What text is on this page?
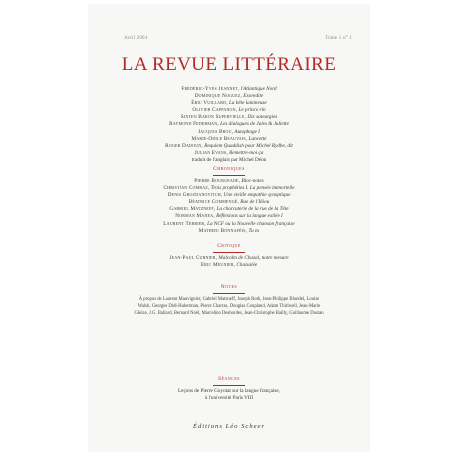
Avril 2004	Tome 1 n° 1
LA REVUE LITTÉRAIRE
Frédéric-Yves Jeannet, l'Atlantique Nord
Dominique Noguez, Exoredite
Éric Vuillard, La bête lamineuse
Olivier Cappanon, Le prince rin
Sixten Baron Supervielle, Dix suteurgies
Raymond Federman, Les dialogues de Jules & Juliette
Jacques Brou, Autophage I
Marie-Odile Beauvais, Lancette
Roger Dadoun, Requiem Quaddish pour Michel Rydbe, dit
Julian Evans, Remettre-moi ça
traduit de l'anglais par Michel Déon
Chroniques
Pierre Bourgeade, Bloc-notes
Christian Combaz, Trois prophéties I. La pensée immortelle
Denis Grozdanovitch, Une vieille empathie synoptique
Béatrice Commengé, Rue de l'Ilôou
Gabriel Matzneff, La charcuterie de la rue de la Tête
Norman Manea, Réflexions sur la langue exilée I
Laurent Terrier, La NCF ou la Nouvelle chanson française
Mathieu Bonnaféis, Tu es
Critique
Jean-Paul Curnier, Malcolm de Chazal, notre mesure
Eric Meunier, Chaisalée
Notes
À propos de Laurent Mauvignier, Gabriel Matzneff, Joseph Roth, Jean-Philippe Blondel, Louise Walsh, Georges Didi-Huberman, Pierre Charras, Douglas Coupland, Adam Thirlwell, Jean-Marie Gleize, J.G. Ballard, Bernard Noël, Marcelino Desbordes, Jean-Christophe Bailly, Guillaume Dustan
Séances
Leçons de Pierre Guyotat sur la langue française,
à l'université Paris VIII
Éditions Léo Scheer
